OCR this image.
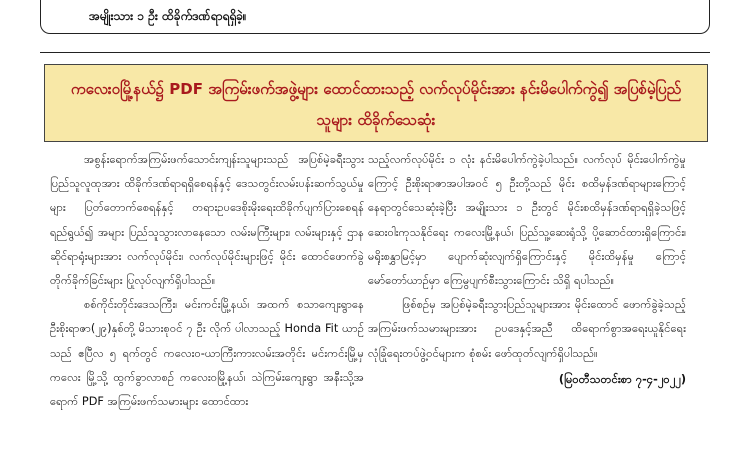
အမျိုးသား ၁ ဦး ထိခိုက်ဒဏ်ရာရရှိခဲ့။
ကလေးဝမြို့နယ်၌ PDF အကြမ်းဖက်အဖွဲ့များ ထောင်ထားသည့် လက်လုပ်မိုင်းအား နင်းမိပေါက်ကွဲ၍ အပြစ်မဲ့ပြည်သူများ ထိခိုက်သေဆုံး

အစွန်းရောက်အကြမ်းဖက်သောင်းကျန်းသူများသည် အပြစ်မဲ့ခရီးသွားပြည်သူလူထုအား ထိခိုက်ဒဏ်ရာရရှိစေရန်နှင့် ဒေသတွင်းလမ်းပန်းဆက်သွယ်မှုများ ပြတ်တောက်စေရန်နှင့် တရားဥပဒေစိုးမိုးရေးထိခိုက်ပျက်ပြားစေရန်ရည်ရွယ်၍ အများ ပြည်သူသွားလာနေသော လမ်းမကြီးများ၊ လမ်းများနှင့် ဌာန ဆိုင်ရာရုံးများအား လက်လုပ်မိုင်း၊ လက်လုပ်မိုင်းများဖြင့် မိုင်း ထောင်ဖောက်ခွဲတိုက်ခိုက်ခြင်းများ ပြုလုပ်လျက်ရှိပါသည်။

စစ်ကိုင်းတိုင်းဒေသကြီး၊ မင်းကင်းမြို့နယ်၊ အထက် စသာကျေးရွာနေ ဦးစိုးရာဇာ(၂၉)နှစ်တို့ မိသားစုဝင် ၇ ဦး လိုက် ပါလာသည့် Honda Fit ယာဉ်သည် ဧပြီလ ၅ ရက်တွင် ကလေးဝ-ယာကြီးကားလမ်းအတိုင်း မင်းကင်းမြို့မှ ကလေး မြို့သို့ ထွက်ခွာလာစဉ် ကလေးဝမြို့နယ်၊ သဲကြမ်းကျေးရွာ အနီးသို့အရောက် PDF အကြမ်းဖက်သမားများ ထောင်ထား

သည့်လက်လုပ်မိုင်း ၁ လုံး နင်းမိပေါက်ကွဲခဲ့ပါသည်။ လက်လုပ် မိုင်းပေါက်ကွဲမှုကြောင့် ဦးစိုးရာဇာအပါအဝင် ၅ ဦးတို့သည် မိုင်း စထိမှန်ဒဏ်ရာများကြောင့် နေရာတွင်သေဆုံးခဲ့ပြီး အမျိုးသား ၁ ဦးတွင် မိုင်းစထိမှန်ဒဏ်ရာရရှိခဲ့သဖြင့် ဆေးဝါးကုသနိုင်ရေး ကလေးမြို့နယ်၊ ပြည်သူ့ဆေးရုံသို့ ပို့ဆောင်ထားရှိကြောင်း၊ မရိုးစနွှာမြင့်မှာ ပျောက်ဆုံးလျက်ရှိကြောင်းနှင့် မိုင်းထိမှန်မှု ကြောင့် မော်တော်ယာဉ်မှာ ကြေမွပျက်စီးသွားကြောင်း သိရှိ ရပါသည်။

ဖြစ်စဉ်မှ အပြစ်မဲ့ခရီးသွားပြည်သူများအား မိုင်းထောင် ဖောက်ခွဲခဲ့သည့် အကြမ်းဖက်သမားများအား ဥပဒေနှင့်အညီ ထိရောက်စွာအရေးယူနိုင်ရေး လုံခြုံရေးတပ်ဖွဲ့ဝင်များက စုံစမ်း ဖော်ထုတ်လျက်ရှိပါသည်။

(မြဝတီသတင်းစာ ၇-၄-၂၀၂၂)
